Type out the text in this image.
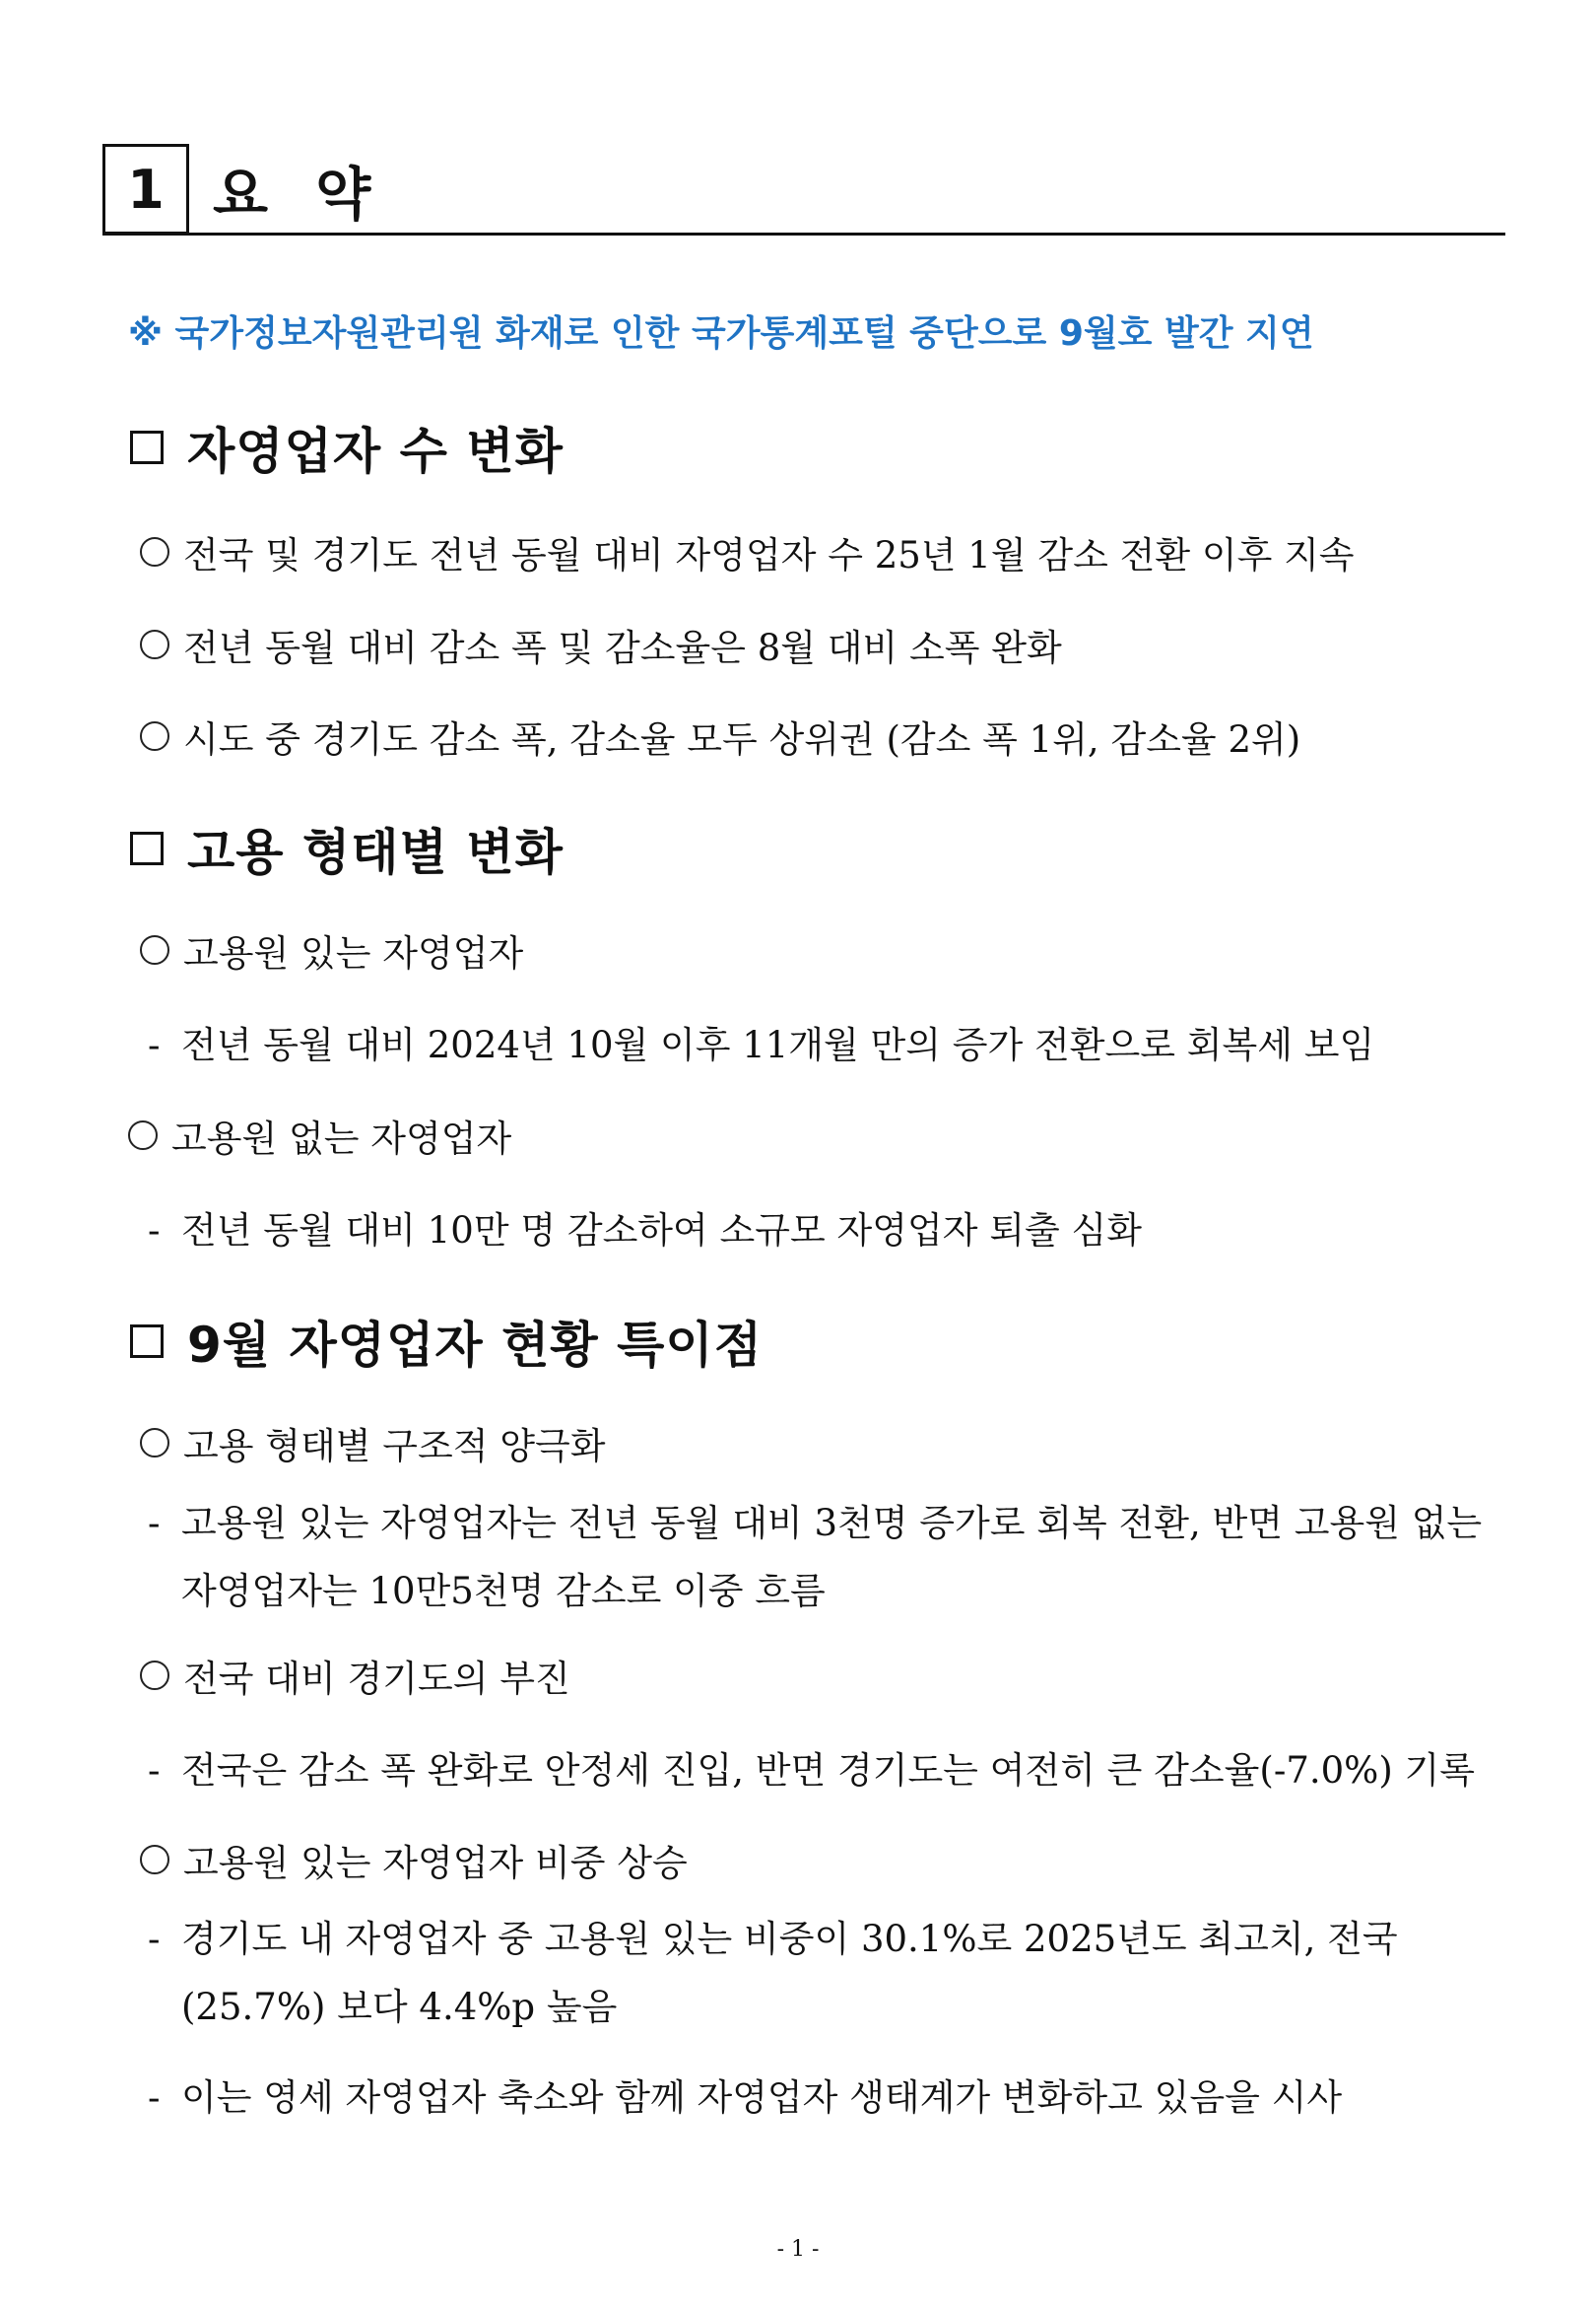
1 요 약
※ 국가정보자원관리원 화재로 인한 국가통계포털 중단으로 9월호 발간 지연
자영업자 수 변화
전국 및 경기도 전년 동월 대비 자영업자 수 25년 1월 감소 전환 이후 지속
전년 동월 대비 감소 폭 및 감소율은 8월 대비 소폭 완화
시도 중 경기도 감소 폭, 감소율 모두 상위권 (감소 폭 1위, 감소율 2위)
고용 형태별 변화
고용원 있는 자영업자
- 전년 동월 대비 2024년 10월 이후 11개월 만의 증가 전환으로 회복세 보임
고용원 없는 자영업자
- 전년 동월 대비 10만 명 감소하여 소규모 자영업자 퇴출 심화
9월 자영업자 현황 특이점
고용 형태별 구조적 양극화
- 고용원 있는 자영업자는 전년 동월 대비 3천명 증가로 회복 전환, 반면 고용원 없는
자영업자는 10만5천명 감소로 이중 흐름
전국 대비 경기도의 부진
- 전국은 감소 폭 완화로 안정세 진입, 반면 경기도는 여전히 큰 감소율(-7.0%) 기록
고용원 있는 자영업자 비중 상승
- 경기도 내 자영업자 중 고용원 있는 비중이 30.1%로 2025년도 최고치, 전국
(25.7%) 보다 4.4%p 높음
- 이는 영세 자영업자 축소와 함께 자영업자 생태계가 변화하고 있음을 시사
- 1 -
